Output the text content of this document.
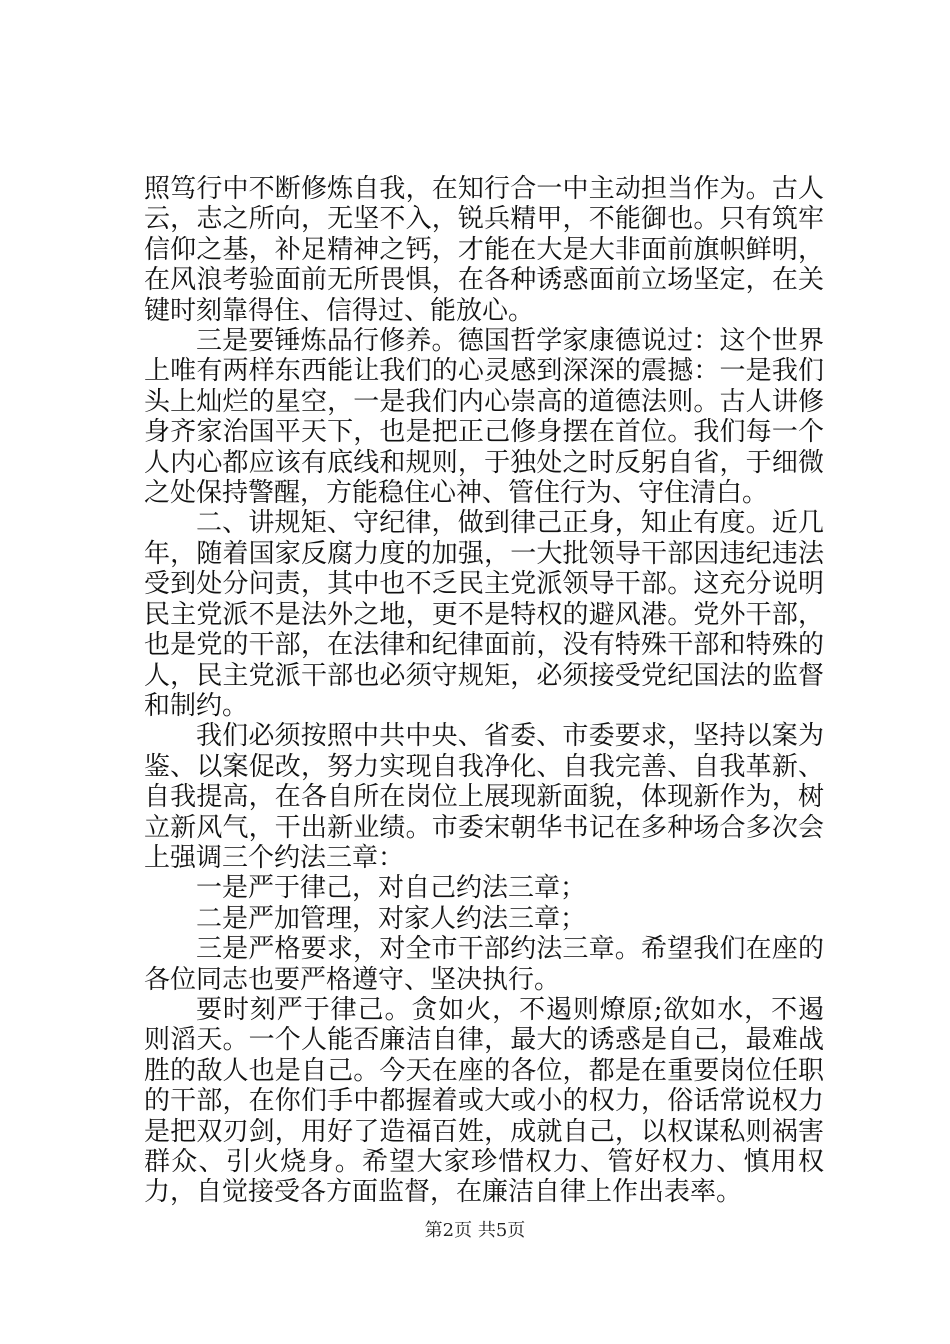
照笃行中不断修炼自我，在知行合一中主动担当作为。古人云，志之所向，无坚不入，锐兵精甲，不能御也。只有筑牢信仰之基，补足精神之钙，才能在大是大非面前旗帜鲜明，在风浪考验面前无所畏惧，在各种诱惑面前立场坚定，在关键时刻靠得住、信得过、能放心。

三是要锤炼品行修养。德国哲学家康德说过：这个世界上唯有两样东西能让我们的心灵感到深深的震撼：一是我们头上灿烂的星空，一是我们内心崇高的道德法则。古人讲修身齐家治国平天下，也是把正己修身摆在首位。我们每一个人内心都应该有底线和规则，于独处之时反躬自省，于细微之处保持警醒，方能稳住心神、管住行为、守住清白。

二、讲规矩、守纪律，做到律己正身，知止有度。近几年，随着国家反腐力度的加强，一大批领导干部因违纪违法受到处分问责，其中也不乏民主党派领导干部。这充分说明民主党派不是法外之地，更不是特权的避风港。党外干部，也是党的干部，在法律和纪律面前，没有特殊干部和特殊的人，民主党派干部也必须守规矩，必须接受党纪国法的监督和制约。

我们必须按照中共中央、省委、市委要求，坚持以案为鉴、以案促改，努力实现自我净化、自我完善、自我革新、自我提高，在各自所在岗位上展现新面貌，体现新作为，树立新风气，干出新业绩。市委宋朝华书记在多种场合多次会上强调三个约法三章：

一是严于律己，对自己约法三章；

二是严加管理，对家人约法三章；

三是严格要求，对全市干部约法三章。希望我们在座的各位同志也要严格遵守、坚决执行。

要时刻严于律己。贪如火，不遏则燎原;欲如水，不遏则滔天。一个人能否廉洁自律，最大的诱惑是自己，最难战胜的敌人也是自己。今天在座的各位，都是在重要岗位任职的干部，在你们手中都握着或大或小的权力，俗话常说权力是把双刃剑，用好了造福百姓，成就自己，以权谋私则祸害群众、引火烧身。希望大家珍惜权力、管好权力、慎用权力，自觉接受各方面监督，在廉洁自律上作出表率。

第2页 共5页
